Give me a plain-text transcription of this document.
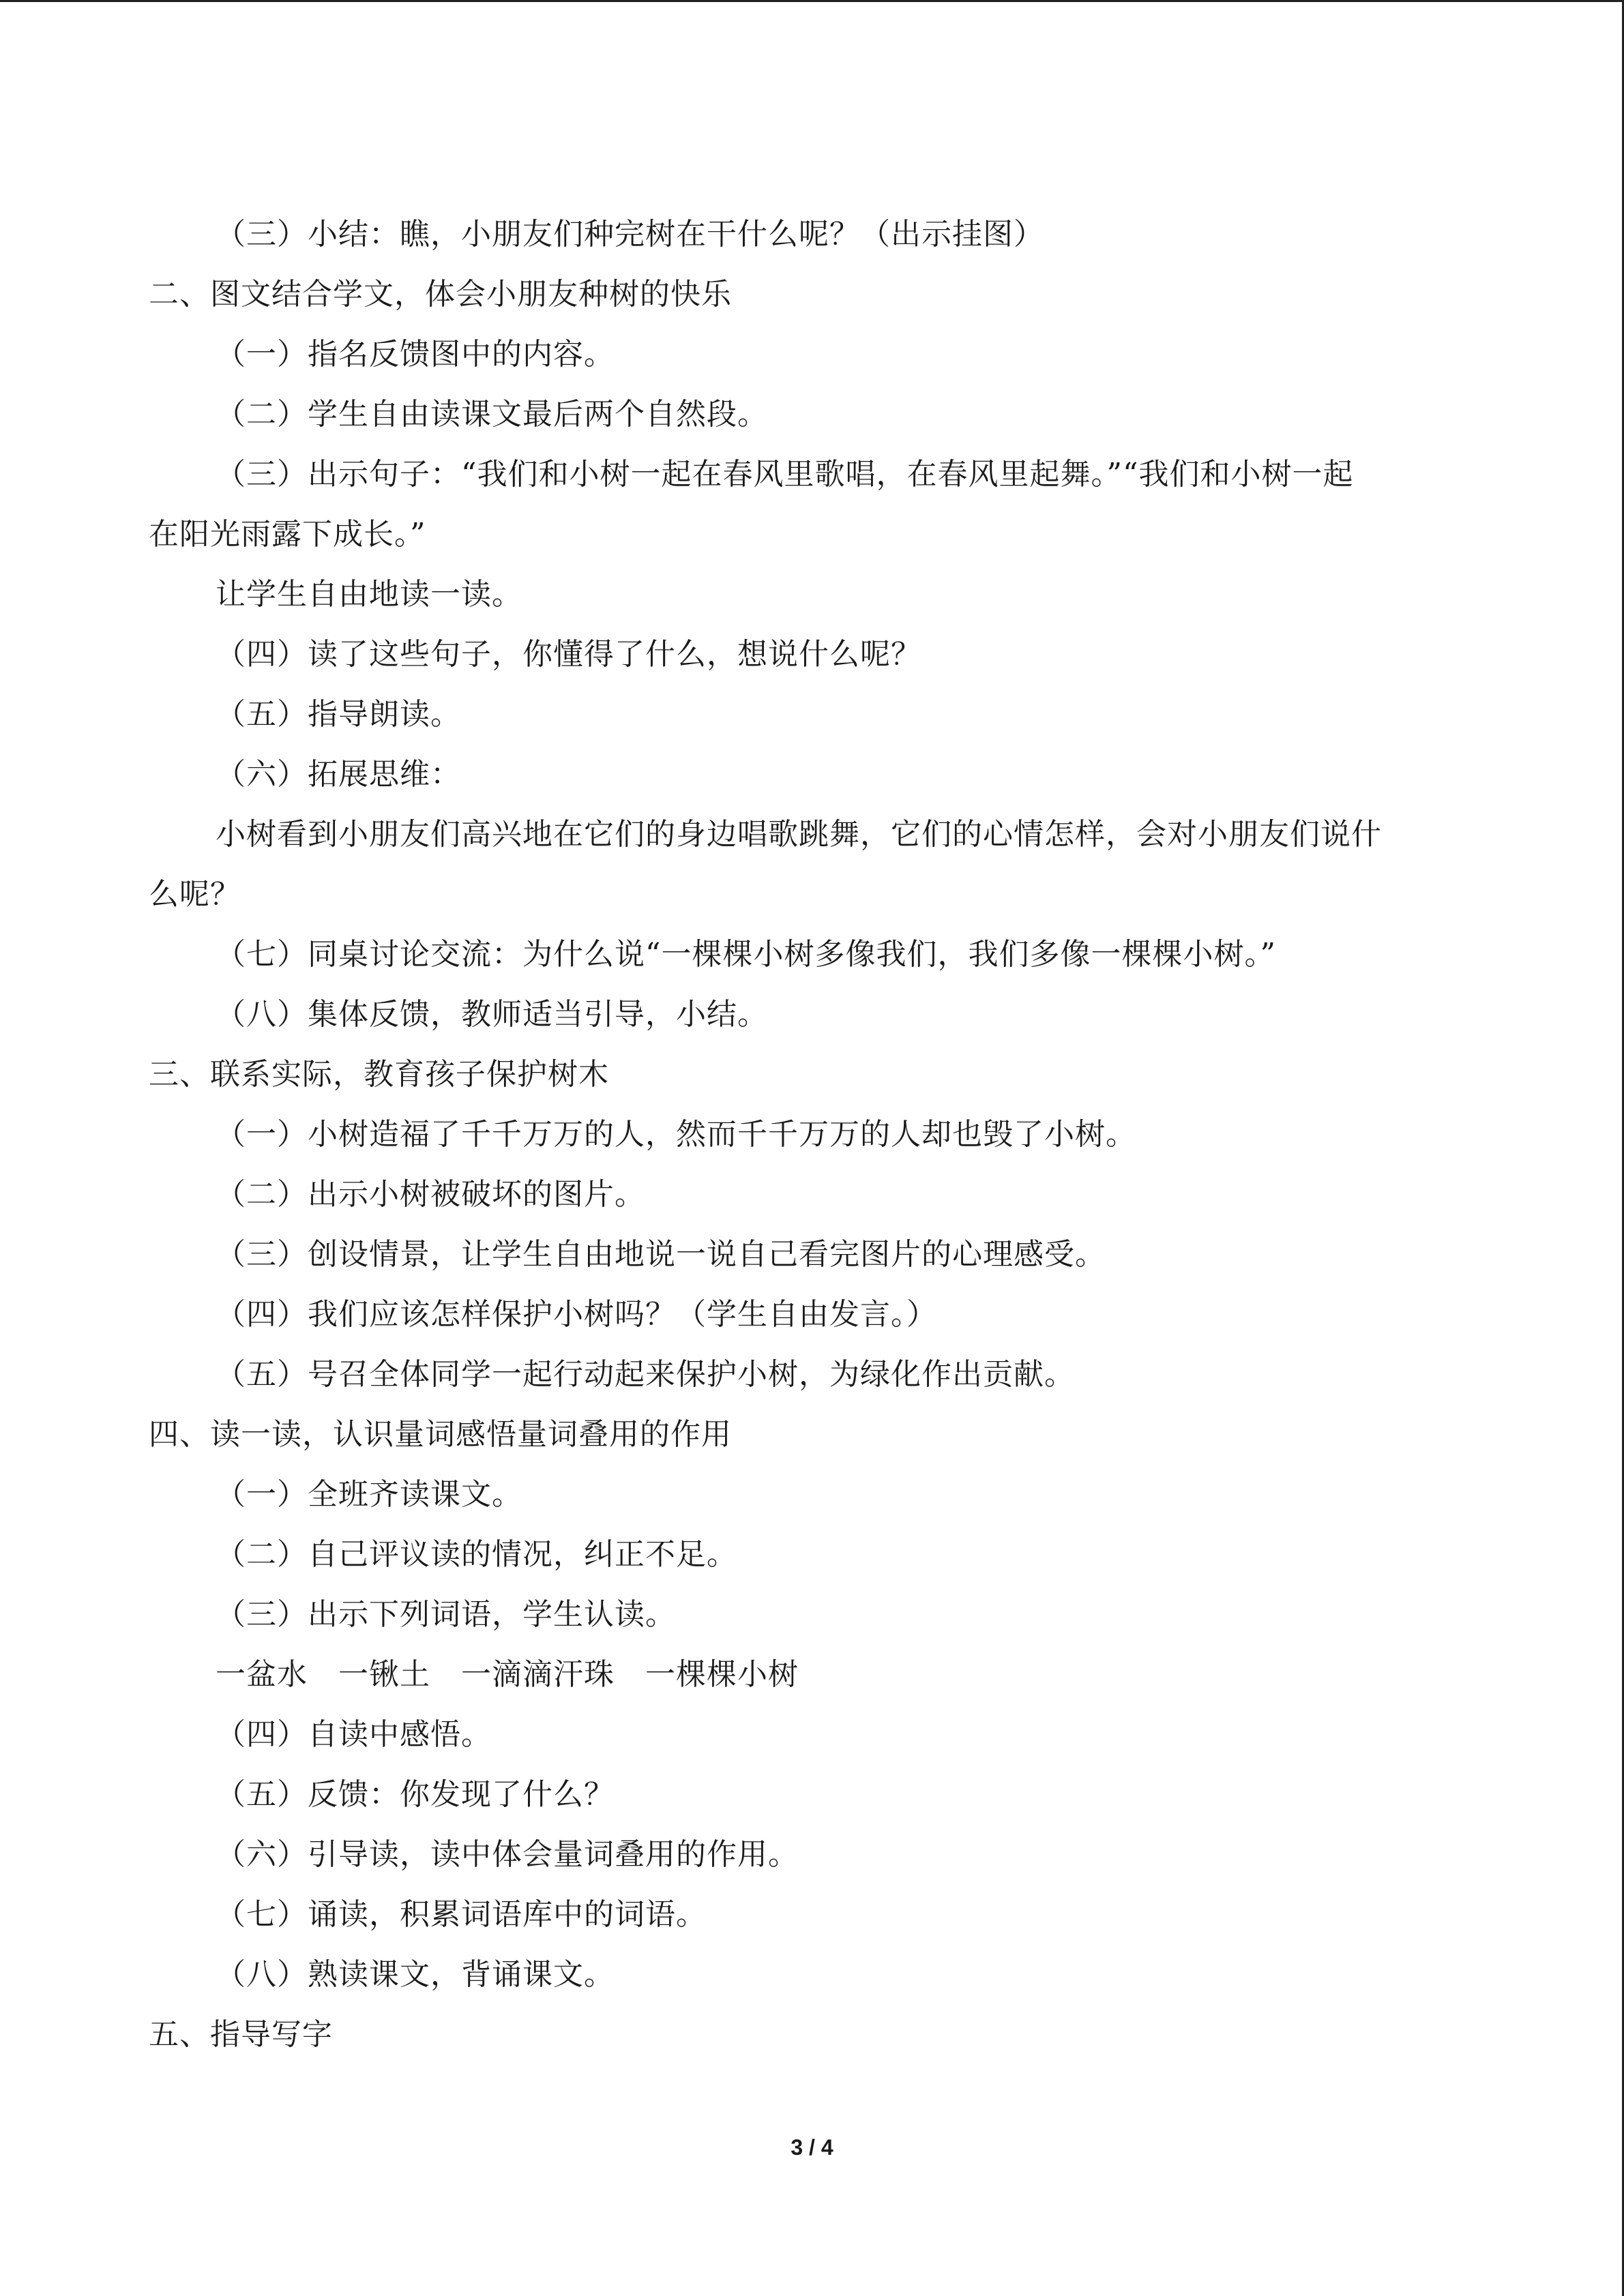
（三）小结：瞧，小朋友们种完树在干什么呢？（出示挂图）
二、图文结合学文，体会小朋友种树的快乐
（一）指名反馈图中的内容。
（二）学生自由读课文最后两个自然段。
（三）出示句子：“我们和小树一起在春风里歌唱，在春风里起舞。”“我们和小树一起
在阳光雨露下成长。”
让学生自由地读一读。
（四）读了这些句子，你懂得了什么，想说什么呢？
（五）指导朗读。
（六）拓展思维：
小树看到小朋友们高兴地在它们的身边唱歌跳舞，它们的心情怎样，会对小朋友们说什
么呢？
（七）同桌讨论交流：为什么说“一棵棵小树多像我们，我们多像一棵棵小树。”
（八）集体反馈，教师适当引导，小结。
三、联系实际，教育孩子保护树木
（一）小树造福了千千万万的人，然而千千万万的人却也毁了小树。
（二）出示小树被破坏的图片。
（三）创设情景，让学生自由地说一说自己看完图片的心理感受。
（四）我们应该怎样保护小树吗？（学生自由发言。）
（五）号召全体同学一起行动起来保护小树，为绿化作出贡献。
四、读一读，认识量词感悟量词叠用的作用
（一）全班齐读课文。
（二）自己评议读的情况，纠正不足。
（三）出示下列词语，学生认读。
一盆水　一锹土　一滴滴汗珠　一棵棵小树
（四）自读中感悟。
（五）反馈：你发现了什么？
（六）引导读，读中体会量词叠用的作用。
（七）诵读，积累词语库中的词语。
（八）熟读课文，背诵课文。
五、指导写字
3 / 4
